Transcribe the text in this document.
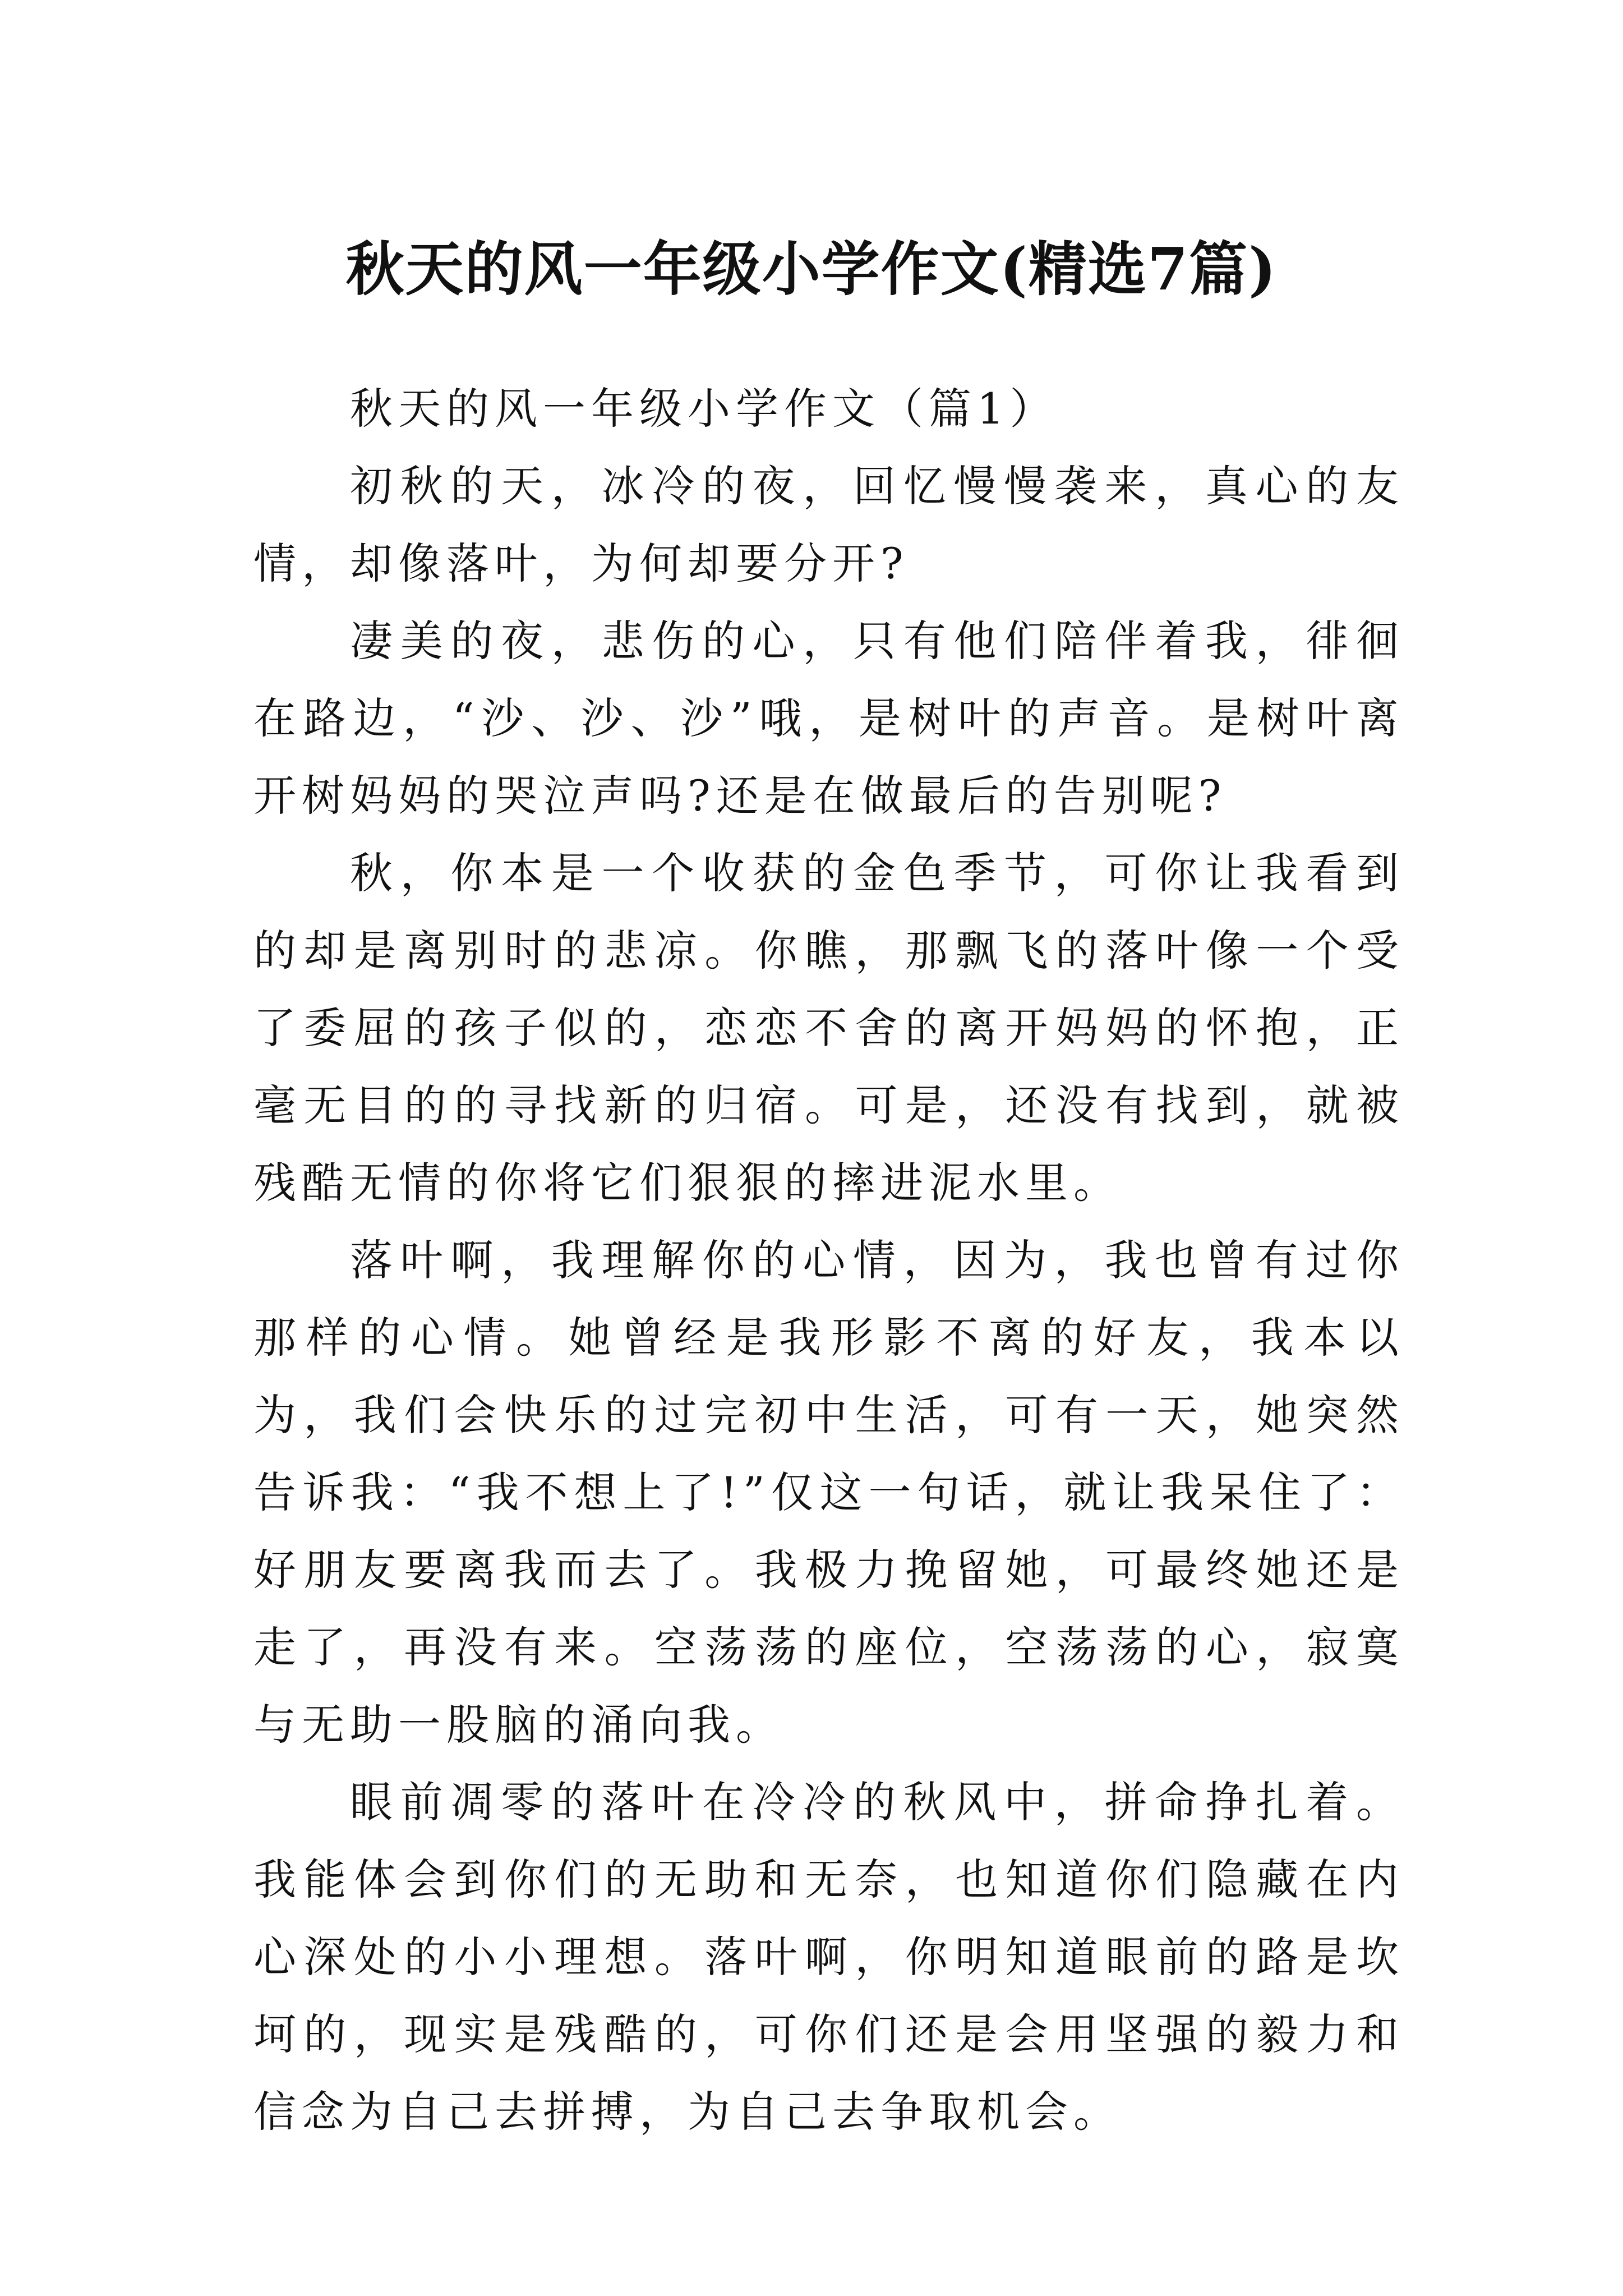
秋天的风一年级小学作文(精选7篇)

秋天的风一年级小学作文（篇1）

初秋的天，冰冷的夜，回忆慢慢袭来，真心的友情，却像落叶，为何却要分开?

凄美的夜，悲伤的心，只有他们陪伴着我，徘徊在路边，“沙、沙、沙”哦，是树叶的声音。是树叶离开树妈妈的哭泣声吗?还是在做最后的告别呢?

秋，你本是一个收获的金色季节，可你让我看到的却是离别时的悲凉。你瞧，那飘飞的落叶像一个受了委屈的孩子似的，恋恋不舍的离开妈妈的怀抱，正毫无目的的寻找新的归宿。可是，还没有找到，就被残酷无情的你将它们狠狠的摔进泥水里。

落叶啊，我理解你的心情，因为，我也曾有过你那样的心情。她曾经是我形影不离的好友，我本以为，我们会快乐的过完初中生活，可有一天，她突然告诉我：“我不想上了!”仅这一句话，就让我呆住了：好朋友要离我而去了。我极力挽留她，可最终她还是走了，再没有来。空荡荡的座位，空荡荡的心，寂寞与无助一股脑的涌向我。

眼前凋零的落叶在冷冷的秋风中，拼命挣扎着。我能体会到你们的无助和无奈，也知道你们隐藏在内心深处的小小理想。落叶啊，你明知道眼前的路是坎坷的，现实是残酷的，可你们还是会用坚强的毅力和信念为自己去拼搏，为自己去争取机会。
